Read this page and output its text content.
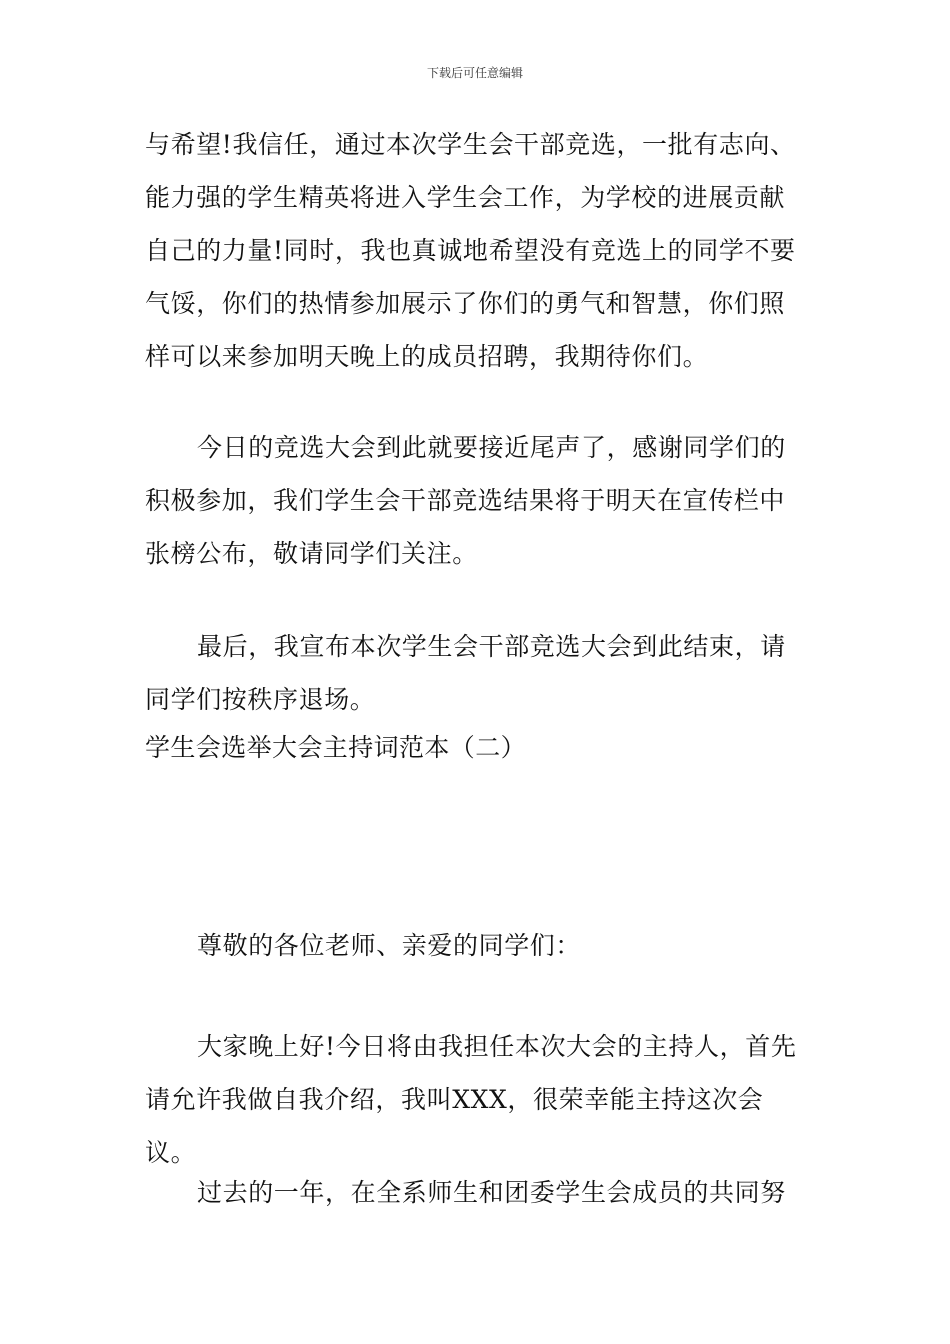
下载后可任意编辑

与希望!我信任，通过本次学生会干部竞选，一批有志向、能力强的学生精英将进入学生会工作，为学校的进展贡献自己的力量!同时，我也真诚地希望没有竞选上的同学不要气馁，你们的热情参加展示了你们的勇气和智慧，你们照样可以来参加明天晚上的成员招聘，我期待你们。

今日的竞选大会到此就要接近尾声了，感谢同学们的积极参加，我们学生会干部竞选结果将于明天在宣传栏中张榜公布，敬请同学们关注。

最后，我宣布本次学生会干部竞选大会到此结束，请同学们按秩序退场。

学生会选举大会主持词范本（二）

尊敬的各位老师、亲爱的同学们：

大家晚上好!今日将由我担任本次大会的主持人，首先请允许我做自我介绍，我叫XXX，很荣幸能主持这次会议。

过去的一年，在全系师生和团委学生会成员的共同努
